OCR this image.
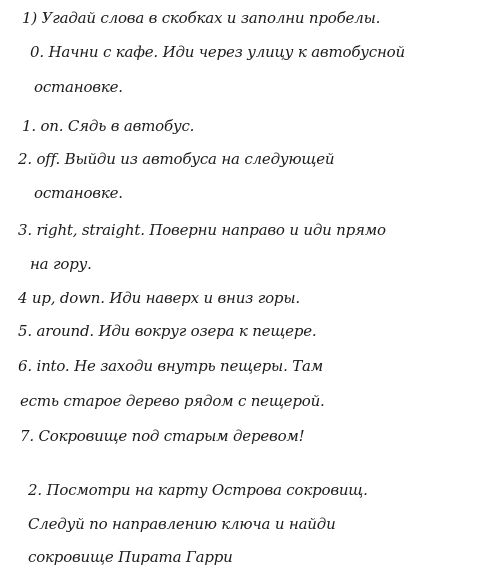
1) Угадай слова в скобках и заполни пробелы.
0. Начни с кафе. Иди через улицу к автобусной
остановке.
1. on. Сядь в автобус.
2. off. Выйди из автобуса на следующей
остановке.
3. right, straight. Поверни направо и иди прямо
на гору.
4 up, down. Иди наверх и вниз горы.
5. around. Иди вокруг озера к пещере.
6. into. Не заходи внутрь пещеры. Там
есть старое дерево рядом с пещерой.
7. Сокровище под старым деревом!
2. Посмотри на карту Острова сокровищ.
Следуй по направлению ключа и найди
сокровище Пирата Гарри
